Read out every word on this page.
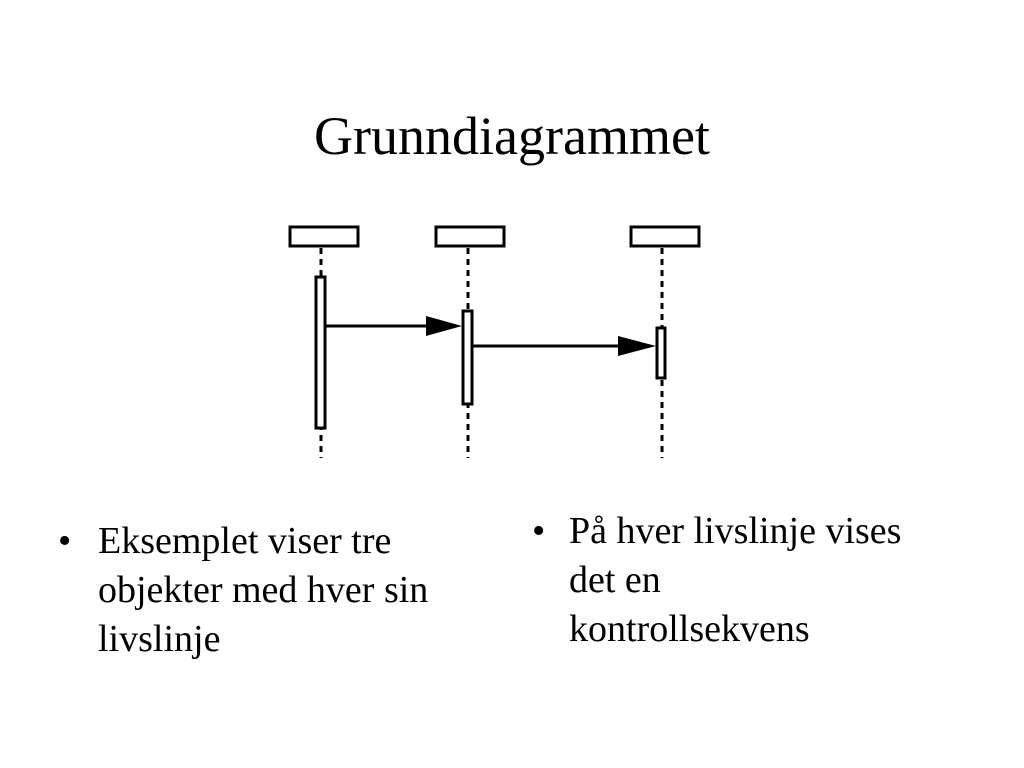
Grunndiagrammet
• Eksemplet viser tre objekter med hver sin livslinje
• På hver livslinje vises det en kontrollsekvens
